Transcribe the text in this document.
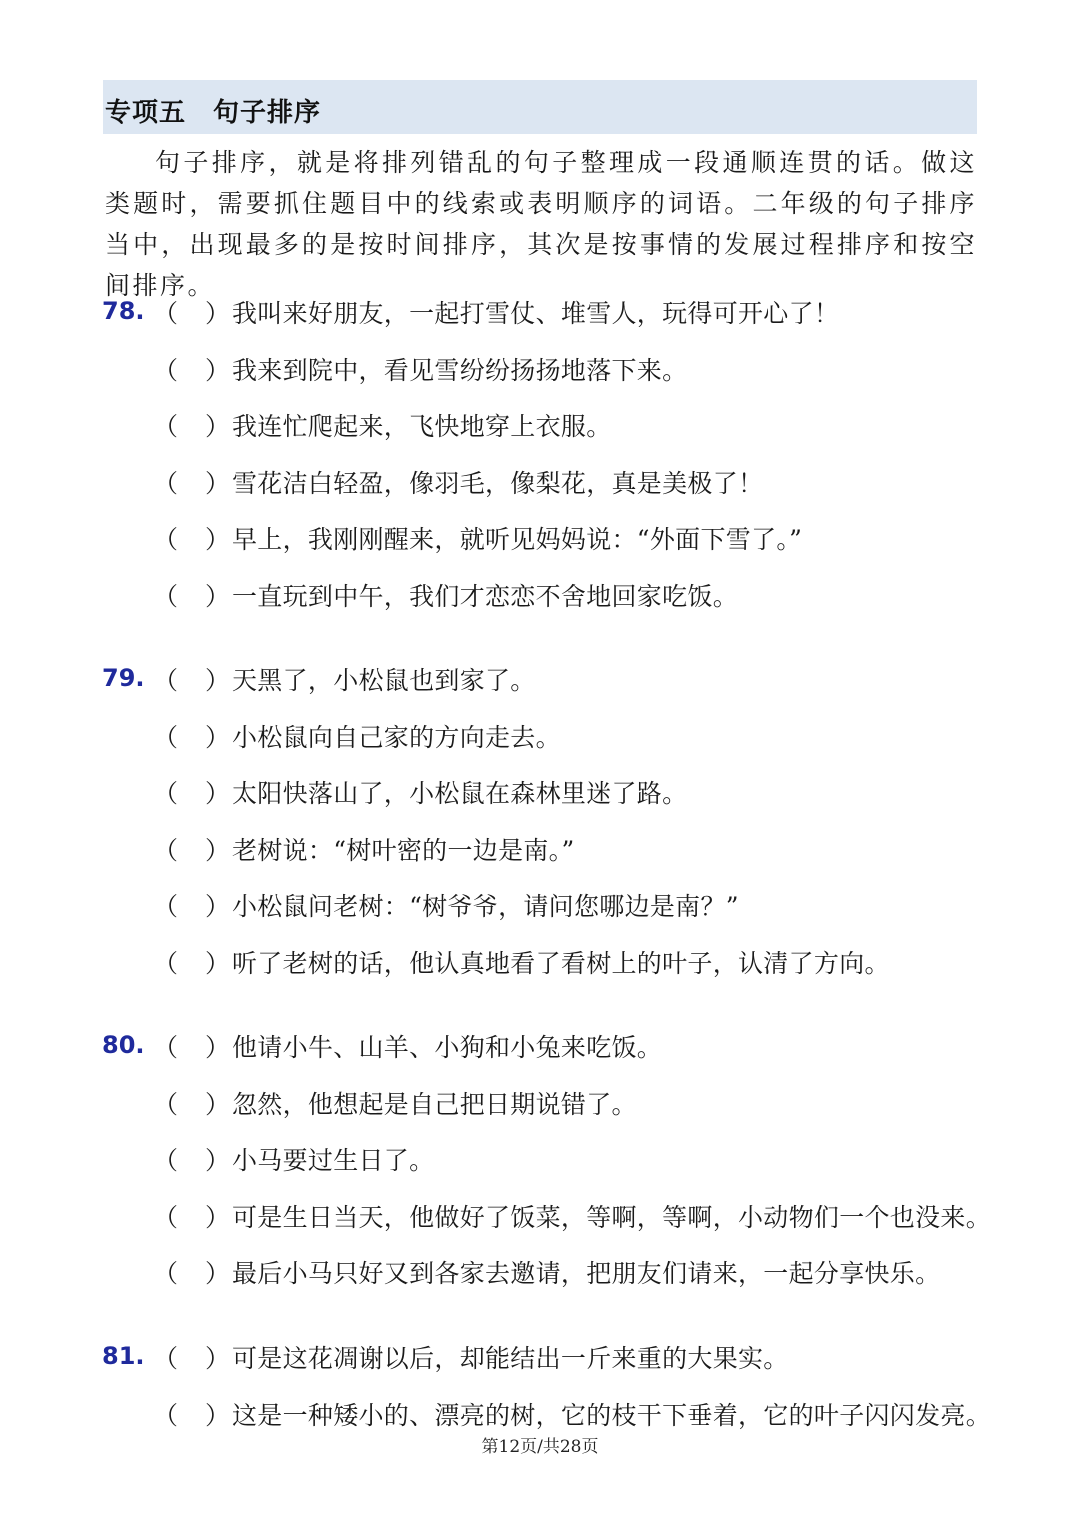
专项五　句子排序
句子排序，就是将排列错乱的句子整理成一段通顺连贯的话。做这类题时，需要抓住题目中的线索或表明顺序的词语。二年级的句子排序当中，出现最多的是按时间排序，其次是按事情的发展过程排序和按空间排序。
78. （ ） 我叫来好朋友，一起打雪仗、堆雪人，玩得可开心了！
（ ） 我来到院中，看见雪纷纷扬扬地落下来。
（ ） 我连忙爬起来，飞快地穿上衣服。
（ ） 雪花洁白轻盈，像羽毛，像梨花，真是美极了！
（ ） 早上，我刚刚醒来，就听见妈妈说：“外面下雪了。”
（ ） 一直玩到中午，我们才恋恋不舍地回家吃饭。
79. （ ） 天黑了，小松鼠也到家了。
（ ） 小松鼠向自己家的方向走去。
（ ） 太阳快落山了，小松鼠在森林里迷了路。
（ ） 老树说：“树叶密的一边是南。”
（ ） 小松鼠问老树：“树爷爷，请问您哪边是南？”
（ ） 听了老树的话，他认真地看了看树上的叶子，认清了方向。
80. （ ） 他请小牛、山羊、小狗和小兔来吃饭。
（ ） 忽然，他想起是自己把日期说错了。
（ ） 小马要过生日了。
（ ） 可是生日当天，他做好了饭菜，等啊，等啊，小动物们一个也没来。
（ ） 最后小马只好又到各家去邀请，把朋友们请来，一起分享快乐。
81. （ ） 可是这花凋谢以后，却能结出一斤来重的大果实。
（ ） 这是一种矮小的、漂亮的树，它的枝干下垂着，它的叶子闪闪发亮。
第12页/共28页
